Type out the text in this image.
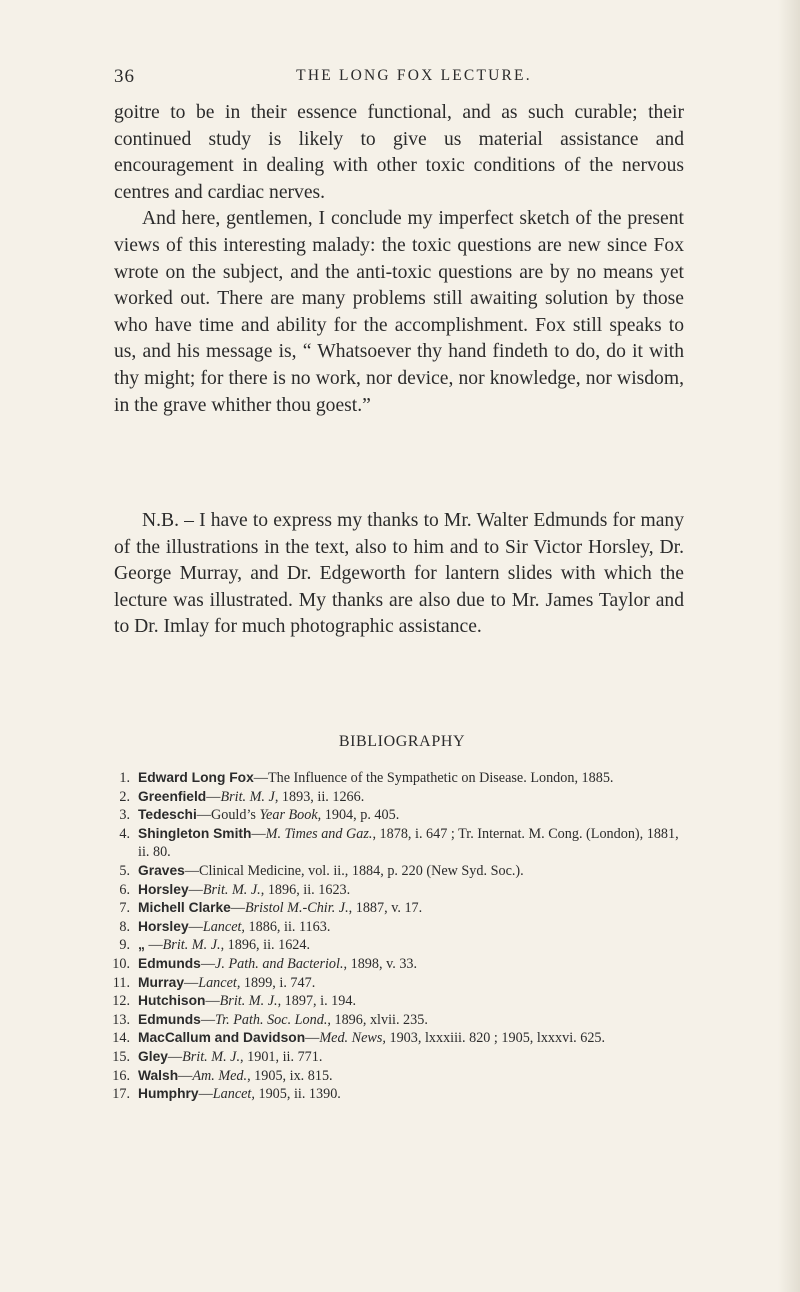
36	THE LONG FOX LECTURE.

goitre to be in their essence functional, and as such curable; their continued study is likely to give us material assistance and encouragement in dealing with other toxic conditions of the nervous centres and cardiac nerves.

And here, gentlemen, I conclude my imperfect sketch of the present views of this interesting malady: the toxic questions are new since Fox wrote on the subject, and the anti-toxic questions are by no means yet worked out. There are many problems still awaiting solution by those who have time and ability for the accomplishment. Fox still speaks to us, and his message is, “ Whatsoever thy hand findeth to do, do it with thy might; for there is no work, nor device, nor knowledge, nor wisdom, in the grave whither thou goest.”

N.B. – I have to express my thanks to Mr. Walter Edmunds for many of the illustrations in the text, also to him and to Sir Victor Horsley, Dr. George Murray, and Dr. Edgeworth for lantern slides with which the lecture was illustrated. My thanks are also due to Mr. James Taylor and to Dr. Imlay for much photographic assistance.

BIBLIOGRAPHY
1. Edward Long Fox—The Influence of the Sympathetic on Disease. London, 1885.
2. Greenfield—Brit. M. J, 1893, ii. 1266.
3. Tedeschi—Gould’s Year Book, 1904, p. 405.
4. Shingleton Smith—M. Times and Gaz., 1878, i. 647 ; Tr. Internat. M. Cong. (London), 1881, ii. 80.
5. Graves—Clinical Medicine, vol. ii., 1884, p. 220 (New Syd. Soc.).
6. Horsley—Brit. M. J., 1896, ii. 1623.
7. Michell Clarke—Bristol M.-Chir. J., 1887, v. 17.
8. Horsley—Lancet, 1886, ii. 1163.
9. „ —Brit. M. J., 1896, ii. 1624.
10. Edmunds—J. Path. and Bacteriol., 1898, v. 33.
11. Murray—Lancet, 1899, i. 747.
12. Hutchison—Brit. M. J., 1897, i. 194.
13. Edmunds—Tr. Path. Soc. Lond., 1896, xlvii. 235.
14. MacCallum and Davidson—Med. News, 1903, lxxxiii. 820 ; 1905, lxxxvi. 625.
15. Gley—Brit. M. J., 1901, ii. 771.
16. Walsh—Am. Med., 1905, ix. 815.
17. Humphry—Lancet, 1905, ii. 1390.
